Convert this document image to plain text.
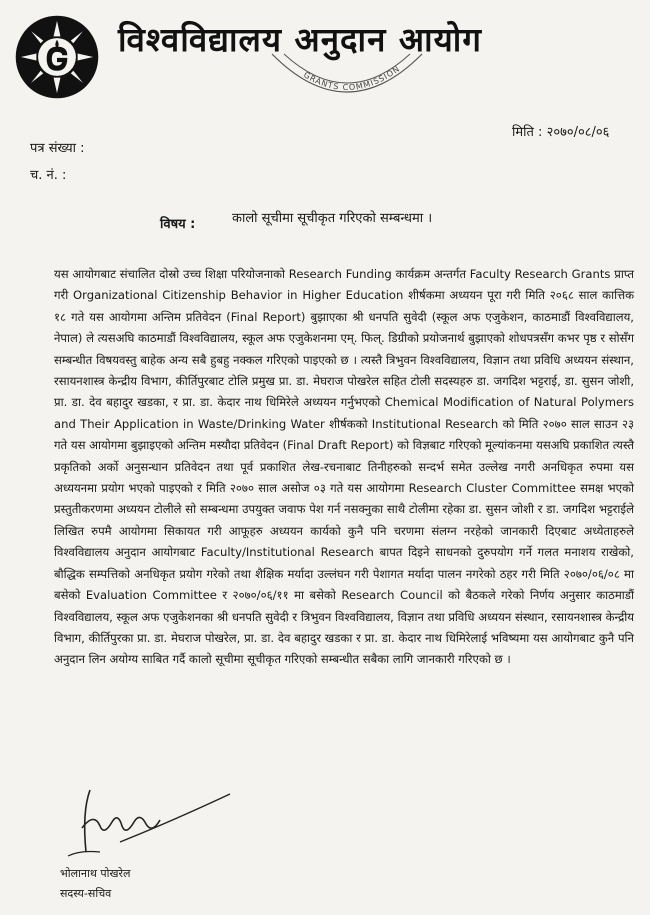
विश्वविद्यालय अनुदान आयोग
GRANTS COMMISSION
मिति : २०७०/०८/०६
पत्र संख्या :
च. नं. :
विषय :	कालो सूचीमा सूचीकृत गरिएको सम्बन्धमा ।
यस आयोगबाट संचालित दोस्रो उच्च शिक्षा परियोजनाको Research Funding कार्यक्रम अन्तर्गत Faculty Research Grants प्राप्त गरी Organizational Citizenship Behavior in Higher Education शीर्षकमा अध्ययन पूरा गरी मिति २०६८ साल कात्तिक १८ गते यस आयोगमा अन्तिम प्रतिवेदन (Final Report) बुझाएका श्री धनपति सुवेदी (स्कूल अफ एजुकेशन, काठमाडौं विश्वविद्यालय, नेपाल) ले त्यसअघि काठमाडौं विश्वविद्यालय, स्कूल अफ एजुकेशनमा एम्. फिल्. डिग्रीको प्रयोजनार्थ बुझाएको शोधपत्रसँग कभर पृष्ठ र सोसँग सम्बन्धीत विषयवस्तु बाहेक अन्य सबै हुबहु नक्कल गरिएको पाइएको छ । त्यस्तै त्रिभुवन विश्वविद्यालय, विज्ञान तथा प्रविधि अध्ययन संस्थान, रसायनशास्त्र केन्द्रीय विभाग, कीर्तिपुरबाट टोलि प्रमुख प्रा. डा. मेघराज पोखरेल सहित टोली सदस्यहरु डा. जगदिश भट्टराई, डा. सुसन जोशी, प्रा. डा. देव बहादुर खडका, र प्रा. डा. केदार नाथ धिमिरेले अध्ययन गर्नुभएको Chemical Modification of Natural Polymers and Their Application in Waste/Drinking Water शीर्षकको Institutional Research को मिति २०७० साल साउन २३ गते यस आयोगमा बुझाइएको अन्तिम मस्यौदा प्रतिवेदन (Final Draft Report) को विज्ञबाट गरिएको मूल्यांकनमा यसअघि प्रकाशित त्यस्तै प्रकृतिको अर्को अनुसन्धान प्रतिवेदन तथा पूर्व प्रकाशित लेख-रचनाबाट तिनीहरुको सन्दर्भ समेत उल्लेख नगरी अनधिकृत रुपमा यस अध्ययनमा प्रयोग भएको पाइएको र मिति २०७० साल असोज ०३ गते यस आयोगमा Research Cluster Committee समक्ष भएको प्रस्तुतीकरणमा अध्ययन टोलीले सो सम्बन्धमा उपयुक्त जवाफ पेश गर्न नसक्नुका साथै टोलीमा रहेका डा. सुसन जोशी र डा. जगदिश भट्टराईले लिखित रुपमै आयोगमा सिकायत गरी आफूहरु अध्ययन कार्यको कुनै पनि चरणमा संलग्न नरहेको जानकारी दिएबाट अध्येताहरुले विश्वविद्यालय अनुदान आयोगबाट Faculty/Institutional Research बापत दिइने साधनको दुरुपयोग गर्ने गलत मनाशय राखेको, बौद्धिक सम्पत्तिको अनधिकृत प्रयोग गरेको तथा शैक्षिक मर्यादा उल्लंघन गरी पेशागत मर्यादा पालन नगरेको ठहर गरी मिति २०७०/०६/०८ मा बसेको Evaluation Committee र २०७०/०६/११ मा बसेको Research Council को बैठकले गरेको निर्णय अनुसार काठमाडौं विश्वविद्यालय, स्कूल अफ एजुकेशनका श्री धनपति सुवेदी र त्रिभुवन विश्वविद्यालय, विज्ञान तथा प्रविधि अध्ययन संस्थान, रसायनशास्त्र केन्द्रीय विभाग, कीर्तिपुरका प्रा. डा. मेघराज पोखरेल, प्रा. डा. देव बहादुर खडका र प्रा. डा. केदार नाथ धिमिरेलाई भविष्यमा यस आयोगबाट कुनै पनि अनुदान लिन अयोग्य साबित गर्दै कालो सूचीमा सूचीकृत गरिएको सम्बन्धीत सबैका लागि जानकारी गरिएको छ ।
भोलानाथ पोखरेल
सदस्य-सचिव
